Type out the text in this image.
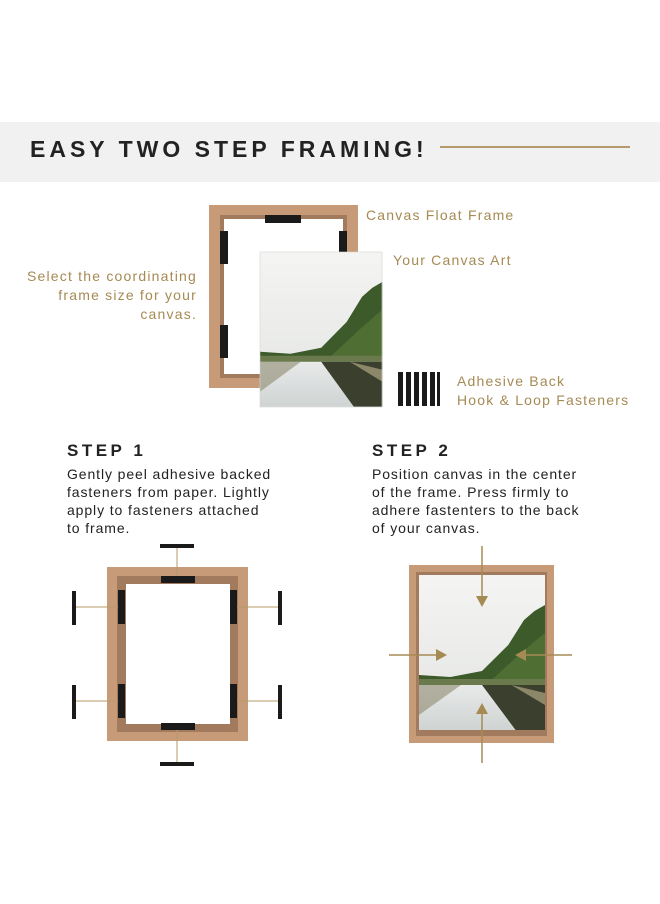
EASY TWO STEP FRAMING!
Select the coordinating
frame size for your
canvas.
Canvas Float Frame
Your Canvas Art
Adhesive Back
Hook & Loop Fasteners
STEP 1
Gently peel adhesive backed
fasteners from paper. Lightly
apply to fasteners attached
to frame.
STEP 2
Position canvas in the center
of the frame. Press firmly to
adhere fastenters to the back
of your canvas.
